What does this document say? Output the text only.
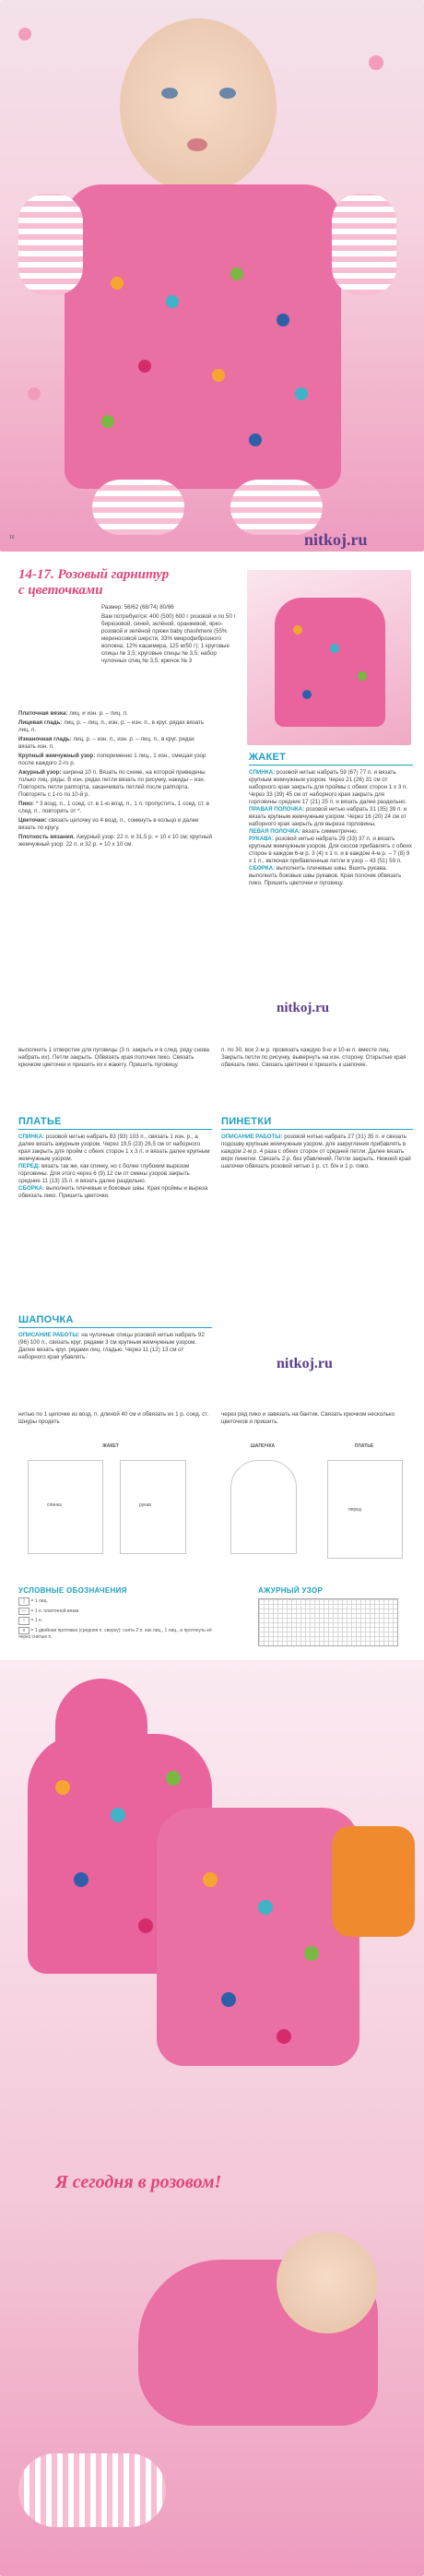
16	nitkoj.ru
14-17. Розовый гарнитур
с цветочками
Размер: 56/62 (68/74) 80/86
Вам потребуется: 400 (500) 600 г розовой и по 50 г бирюзовой, синей, зелёной, оранжевой, ярко-розовой и зелёной пряжи baby chashmere (55% мериносовой шерсти, 33% микрофиброзного волокна, 12% кашемира, 125 м/50 г); 1 круговые спицы № 3,5; круговые спицы № 3,5; набор чулочных спиц № 3,5; крючок № 3
Платочная вязка: лиц. и изн. р. – лиц. п.
Лицевая гладь: лиц. р. – лиц. п., изн. р. – изн. п., в круг. рядах вязать лиц. п.
Изнаночная гладь: лиц. р. – изн. п., изн. р. – лиц. п., в круг. рядах вязать изн. п.
Крупный жемчужный узор: попеременно 1 лиц., 1 изн., смещая узор после каждого 2-го р.
Ажурный узор: ширина 10 п. Вязать по схеме, на которой приведены только лиц. ряды. В изн. рядах петли вязать по рисунку, накиды – изн. Повторять петли раппорта, заканчивать петлей после раппорта. Повторять с 1-го по 10-й р.
Пико: * 3 возд. п., 1 соед. ст. в 1-ю возд. п., 1 п. пропустить, 1 соед. ст. в след. п., повторять от *.
Цветочки: связать цепочку из 4 возд. п., сомкнуть в кольцо и далее вязать по кругу.
Плотность вязания. Ажурный узор: 22 п. и 31,5 р. = 10 х 10 см; крупный жемчужный узор: 22 п. и 32 р. = 10 х 10 см.
ЖАКЕТ
СПИНКА: розовой нитью набрать 59 (67) 77 п. и вязать крупным жемчужным узором. Через 21 (26) 31 см от наборного края закрыть для проймы с обеих сторон 1 x 3 п. Через 33 (39) 45 см от наборного края закрыть для горловины средние 17 (21) 25 п. и вязать далее раздельно.
ПРАВАЯ ПОЛОЧКА: розовой нитью набрать 31 (35) 39 п. и вязать крупным жемчужным узором. Через 16 (20) 24 см от наборного края закрыть для выреза горловины.
ЛЕВАЯ ПОЛОЧКА: вязать симметрично.
РУКАВА: розовой нитью набрать 29 (33) 37 п. и вязать крупным жемчужным узором. Для скосов прибавлять с обеих сторон в каждом 6-м р. 3 (4) x 1 п. и в каждом 4-м р. – 7 (8) 9 x 1 п., включая прибавленные петли в узор – 43 (51) 59 п.
СБОРКА: выполнить плечевые швы. Вшить рукава, выполнить боковые швы рукавов. Края полочек обвязать пико. Пришить цветочки и пуговицу.
nitkoj.ru
выполнить 1 отверстие для пуговицы (3 п. закрыть и в след. ряду снова набрать их). Петли закрыть. Обвязать края полочек пико. Связать крючком цветочки и пришить их к жакету. Пришить пуговицу.
ПЛАТЬЕ
СПИНКА: розовой нитью набрать 83 (93) 103 п., связать 1 изн. р., а далее вязать ажурным узором. Через 19,5 (23) 26,5 см от наборного края закрыть для пройм с обеих сторон 1 x 3 п. и вязать далее крупным жемчужным узором.
ПЕРЕД: вязать так же, как спинку, но с более глубоким вырезом горловины. Для этого через 6 (9) 12 см от смены узоров закрыть средние 11 (13) 15 п. и вязать далее раздельно.
СБОРКА: выполнить плечевые и боковые швы. Края проймы и выреза обвязать пико. Пришить цветочки.
п. по 30, все 2-м р. провязать каждую 9-ю и 10-ю п. вместе лиц. Закрыть петли по рисунку, вывернуть на изн. сторону. Открытые края обвязать пико. Связать цветочки и пришить к шапочке.
ПИНЕТКИ
ОПИСАНИЕ РАБОТЫ: розовой нитью набрать 27 (31) 35 п. и связать подошву крупным жемчужным узором, для закругления прибавлять в каждом 2-м р. 4 раза с обеих сторон от средней петли. Далее вязать верх пинетки. Связать 2 р. без убавлений. Петли закрыть. Нижний край шапочки обвязать розовой нитью 1 р. ст. б/н и 1 р. пико.
ШАПОЧКА
ОПИСАНИЕ РАБОТЫ: на чулочные спицы розовой нитью набрать 92 (96) 100 п., связать круг. рядами 3 см крупным жемчужным узором. Далее вязать круг. рядами лиц. гладью. Через 11 (12) 13 см от наборного края убавлять.	nitkoj.ru
нитью по 1 цепочке из возд. п. длиной 40 см и обвязать их 1 р. соед. ст. Шнуры продеть
через ряд пико и завязать на бантик. Связать крючком несколько цветочков и пришить.
ЖАКЕТ
спинка	рукав
ШАПОЧКА	ПЛАТЬЕ
перед
УСЛОВНЫЕ ОБОЗНАЧЕНИЯ
| = 1 лиц.
— = 1 п. платочной вязки
○ = 1 н.
∧ = 1 двойная протяжка (средняя п. сверху): снять 2 п. как лиц., 1 лиц., и протянуть её через снятые п.
АЖУРНЫЙ УЗОР
Я сегодня в розовом!
